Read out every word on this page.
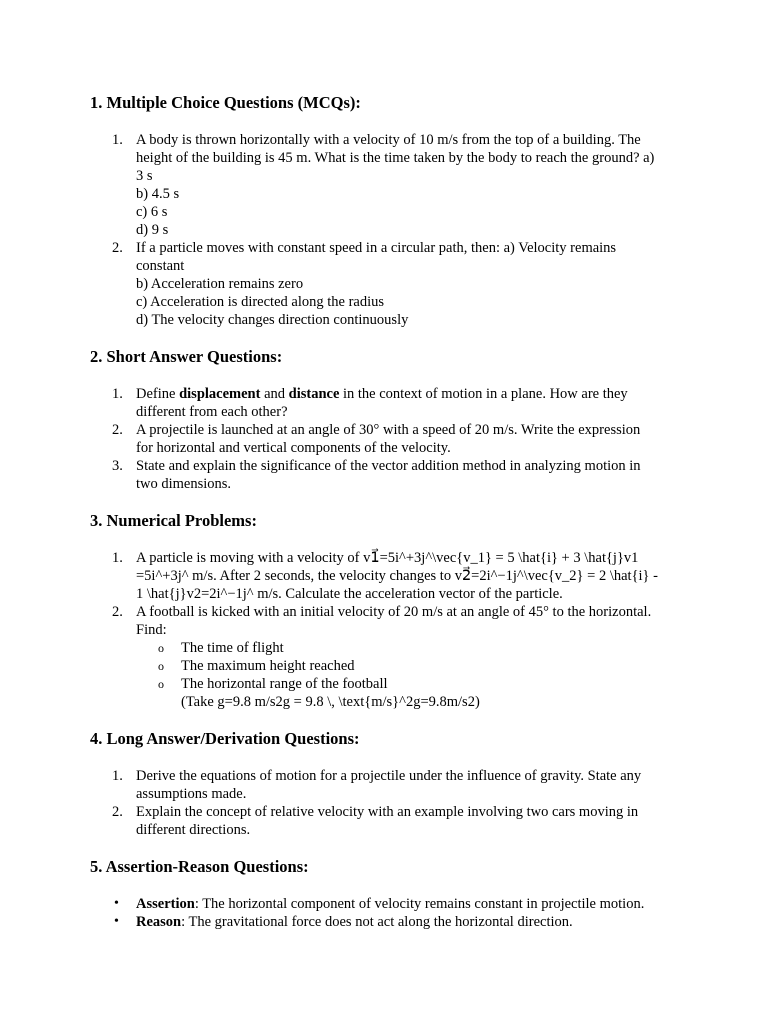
1. Multiple Choice Questions (MCQs):
1. A body is thrown horizontally with a velocity of 10 m/s from the top of a building. The
height of the building is 45 m. What is the time taken by the body to reach the ground? a)
3 s
b) 4.5 s
c) 6 s
d) 9 s
2. If a particle moves with constant speed in a circular path, then: a) Velocity remains
constant
b) Acceleration remains zero
c) Acceleration is directed along the radius
d) The velocity changes direction continuously
2. Short Answer Questions:
1. Define displacement and distance in the context of motion in a plane. How are they
different from each other?
2. A projectile is launched at an angle of 30° with a speed of 20 m/s. Write the expression
for horizontal and vertical components of the velocity.
3. State and explain the significance of the vector addition method in analyzing motion in
two dimensions.
3. Numerical Problems:
1. A particle is moving with a velocity of v1⃗=5i^+3j^\vec{v_1} = 5 \hat{i} + 3 \hat{j}v1
=5i^+3j^ m/s. After 2 seconds, the velocity changes to v2⃗=2i^−1j^\vec{v_2} = 2 \hat{i} -
1 \hat{j}v2=2i^−1j^ m/s. Calculate the acceleration vector of the particle.
2. A football is kicked with an initial velocity of 20 m/s at an angle of 45° to the horizontal.
Find:
o The time of flight
o The maximum height reached
o The horizontal range of the football
(Take g=9.8 m/s2g = 9.8 \, \text{m/s}^2g=9.8m/s2)
4. Long Answer/Derivation Questions:
1. Derive the equations of motion for a projectile under the influence of gravity. State any
assumptions made.
2. Explain the concept of relative velocity with an example involving two cars moving in
different directions.
5. Assertion-Reason Questions:
• Assertion: The horizontal component of velocity remains constant in projectile motion.
• Reason: The gravitational force does not act along the horizontal direction.
